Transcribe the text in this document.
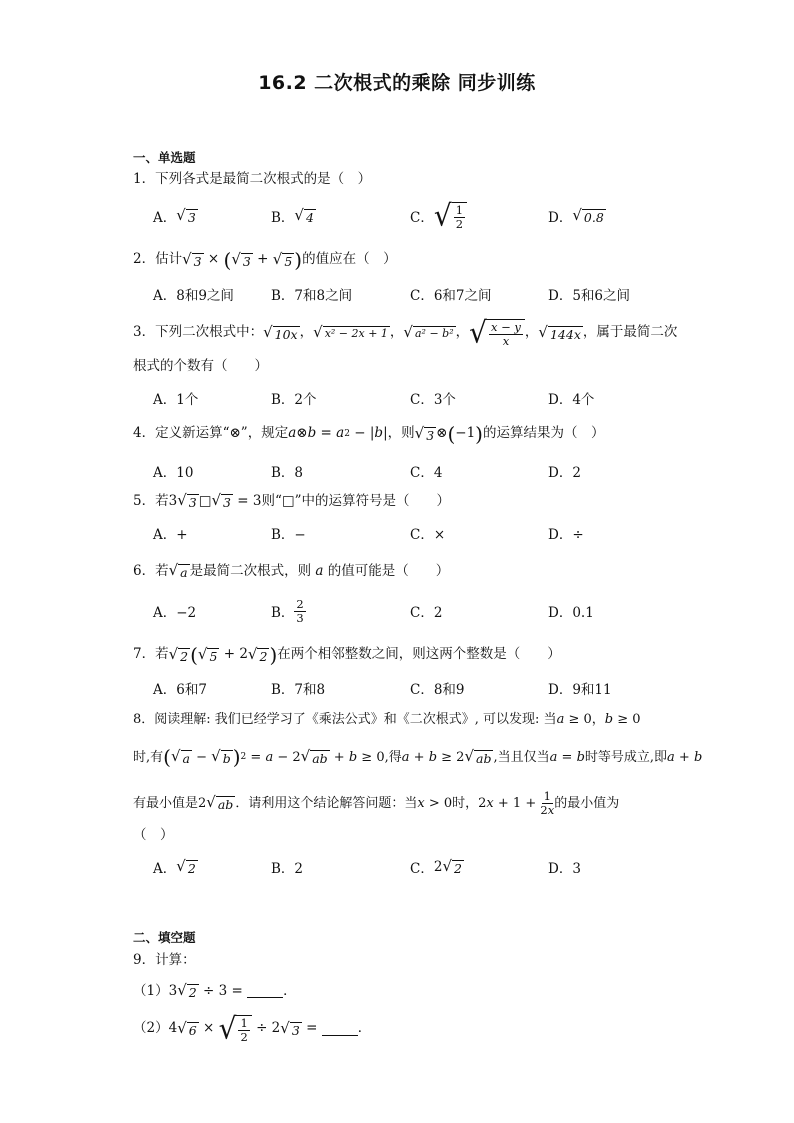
16.2 二次根式的乘除 同步训练
一、单选题
1．下列各式是最简二次根式的是（　）
A． √ 3	B． √ 4	C． √ $\frac{1}{2}$	D． √ 0.8
2．估计 √ 3 × ( √ 3 + √ 5 ) 的值应在（　）
A．8和9之间	B．7和8之间	C．6和7之间	D．5和6之间
3．下列二次根式中： √ 10x ， √ x² − 2x + 1 ， √ a² − b² ， √ $\frac{x - y}{x}$ ， √ 144x ，属于最简二次
根式的个数有（　　）
A．1个	B．2个	C．3个	D．4个
4．定义新运算“⊗”，规定 a ⊗ b = a 2 − | b | ，则 √ 3 ⊗ ( −1 ) 的运算结果为（　）
A．10	B．8	C．4	D．2
5．若 3 √ 3 □ √ 3 = 3 则“□”中的运算符号是（　　）
A．+	B．−	C．×	D．÷
6．若 √ a 是最简二次根式，则 a 的值可能是（　　）
A．−2	B． $\frac{2}{3}$	C．2	D．0.1
7．若 √ 2 ( √ 5 + 2 √ 2 ) 在两个相邻整数之间，则这两个整数是（　　）
A．6和7	B．7和8	C．8和9	D．9和11
8．阅读理解: 我们已经学习了《乘法公式》和《二次根式》, 可以发现: 当 a ≥ 0 ， b ≥ 0
时,有 ( √ a − √ b ) 2 = a − 2 √ ab + b ≥ 0 ,得 a + b ≥ 2 √ ab ,当且仅当 a = b 时等号成立,即 a + b
有最小值是 2 √ ab ．请利用这个结论解答问题：当 x > 0 时， 2 $x + 1 + \frac{1}{2x}$ 的最小值为
（　）
A． √ 2	B．2	C． 2 √ 2	D．3
二、填空题
9．计算：
（1） 3 √ 2 ÷ 3 =	．
（2） 4 √ 6 × √ $\frac{1}{2} \div 2$ √ 3 =	．
